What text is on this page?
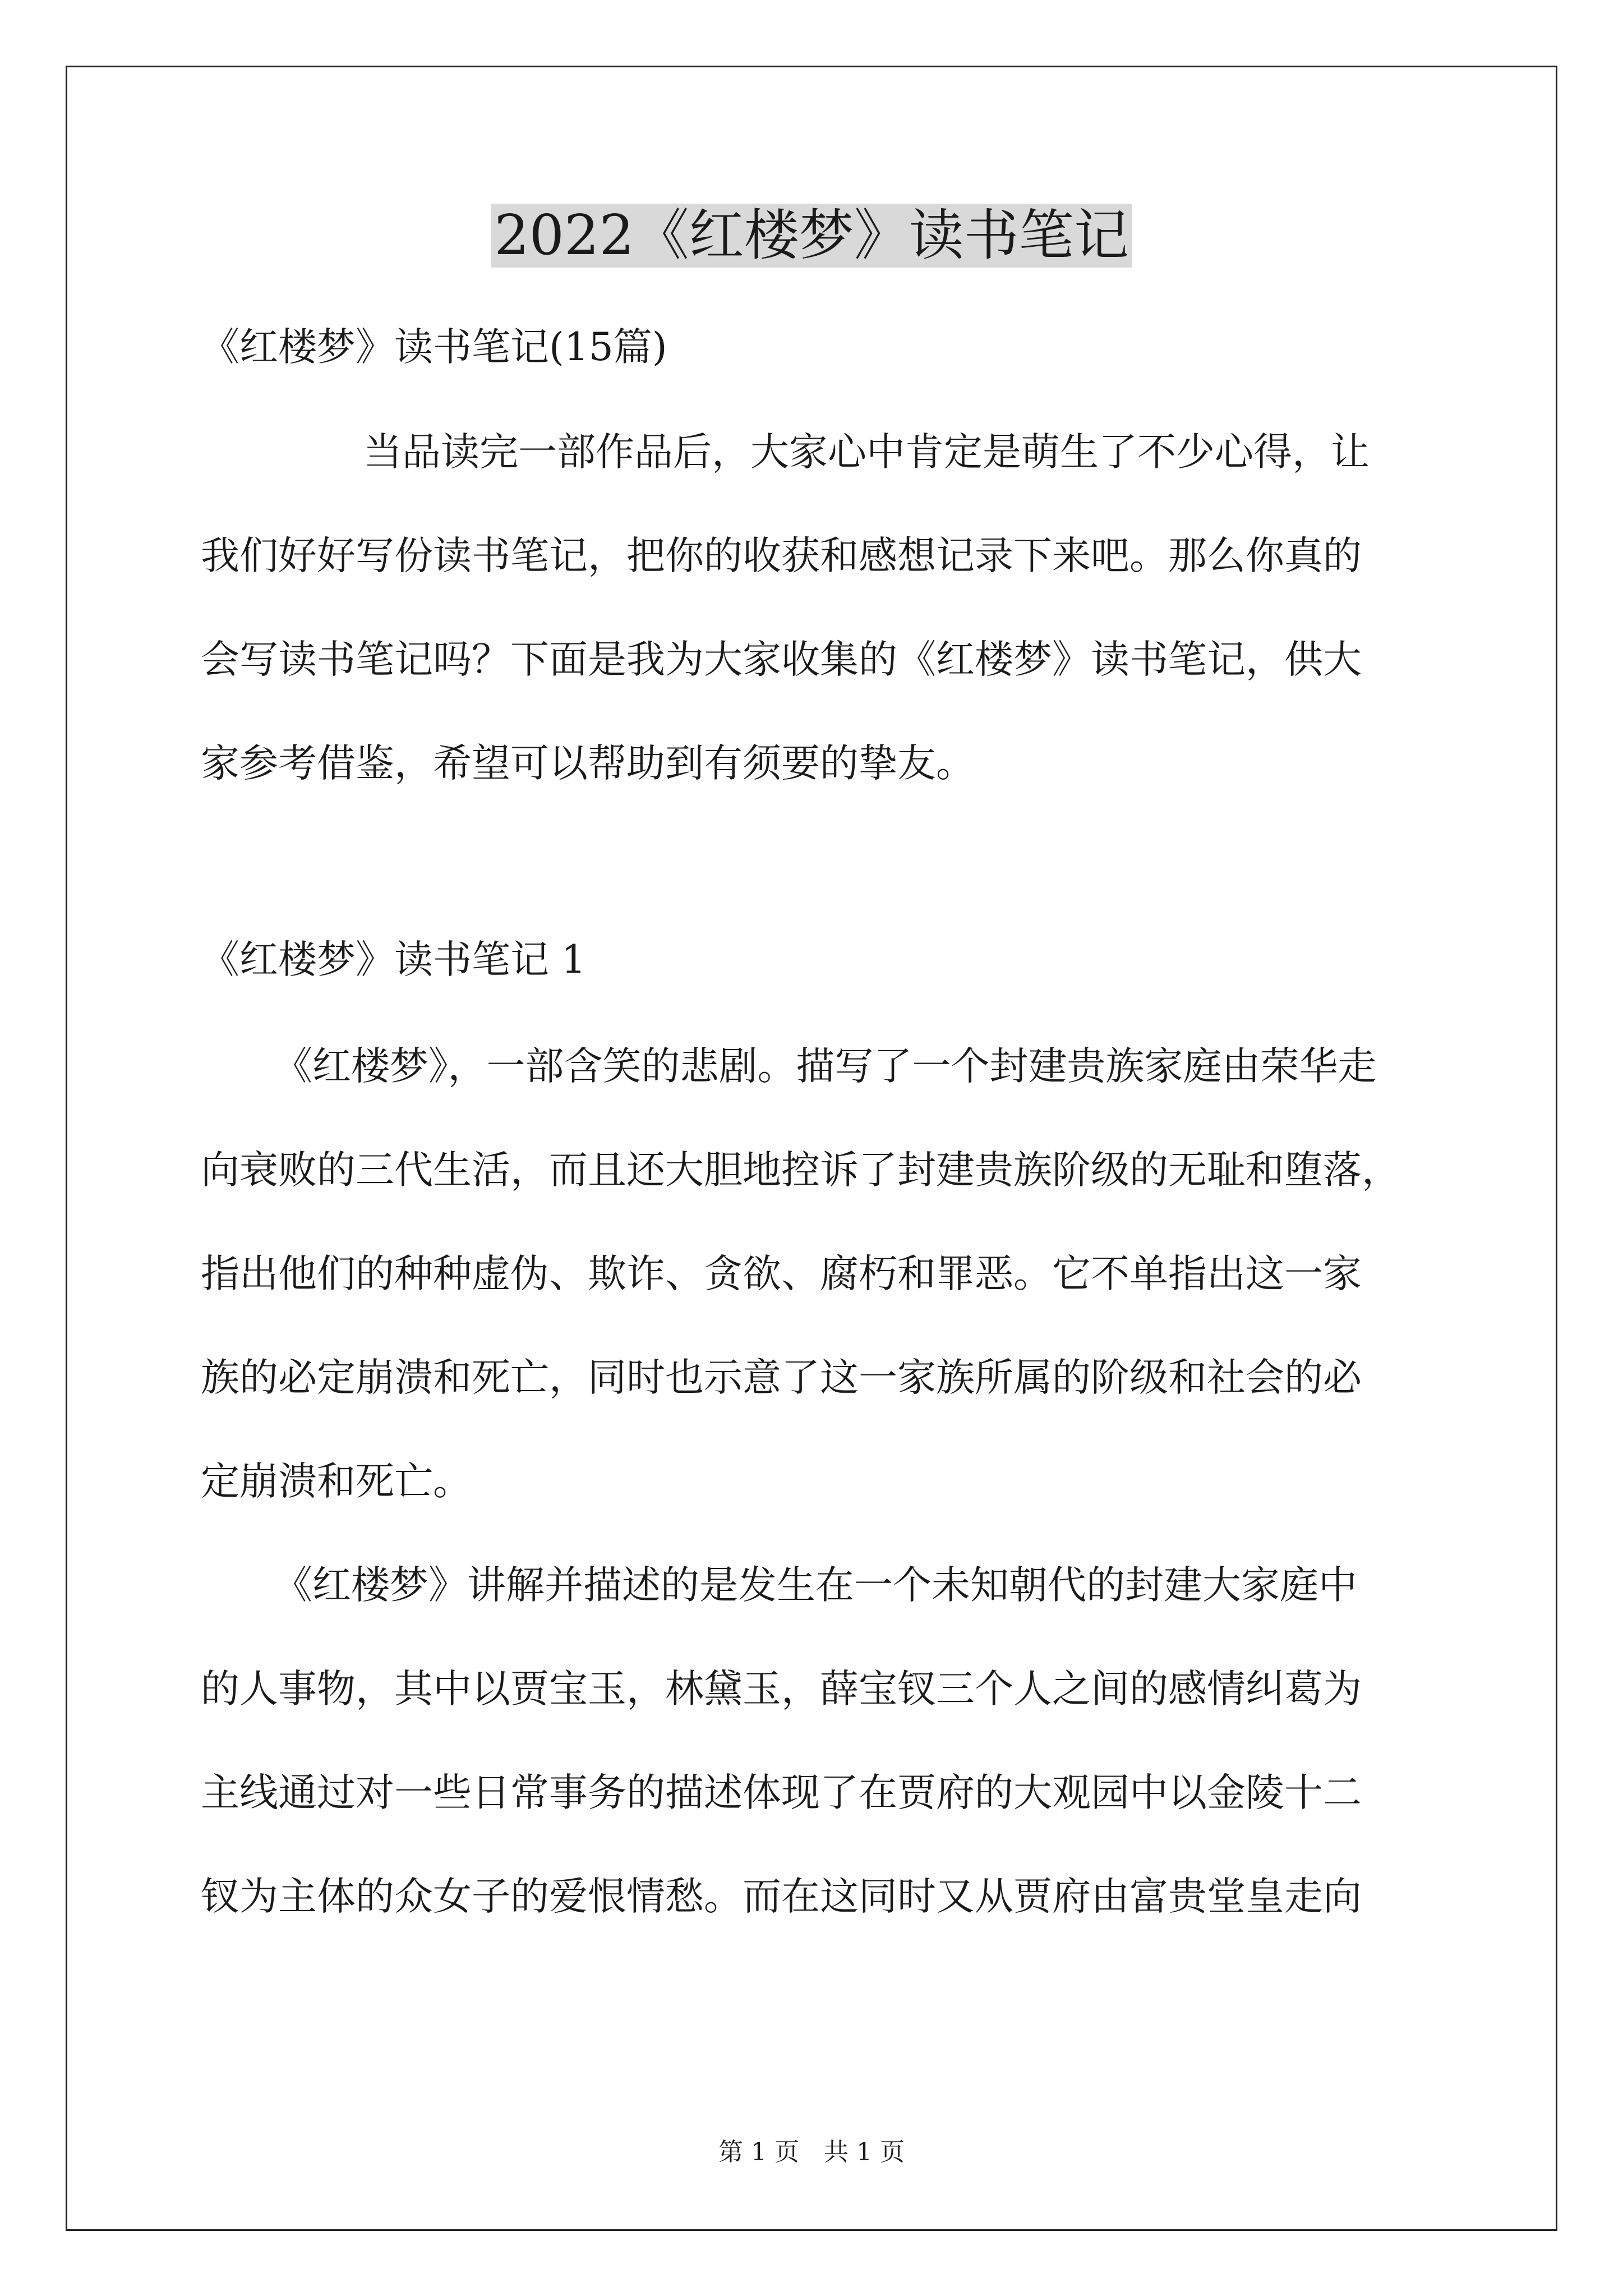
2022《红楼梦》读书笔记
《红楼梦》读书笔记(15篇)
当品读完一部作品后，大家心中肯定是萌生了不少心得，让
我们好好写份读书笔记，把你的收获和感想记录下来吧。那么你真的
会写读书笔记吗？下面是我为大家收集的《红楼梦》读书笔记，供大
家参考借鉴，希望可以帮助到有须要的挚友。
《红楼梦》读书笔记 1
《红楼梦》，一部含笑的悲剧。描写了一个封建贵族家庭由荣华走
向衰败的三代生活，而且还大胆地控诉了封建贵族阶级的无耻和堕落，
指出他们的种种虚伪、欺诈、贪欲、腐朽和罪恶。它不单指出这一家
族的必定崩溃和死亡，同时也示意了这一家族所属的阶级和社会的必
定崩溃和死亡。
《红楼梦》讲解并描述的是发生在一个未知朝代的封建大家庭中
的人事物，其中以贾宝玉，林黛玉，薛宝钗三个人之间的感情纠葛为
主线通过对一些日常事务的描述体现了在贾府的大观园中以金陵十二
钗为主体的众女子的爱恨情愁。而在这同时又从贾府由富贵堂皇走向
第 1 页　共 1 页
